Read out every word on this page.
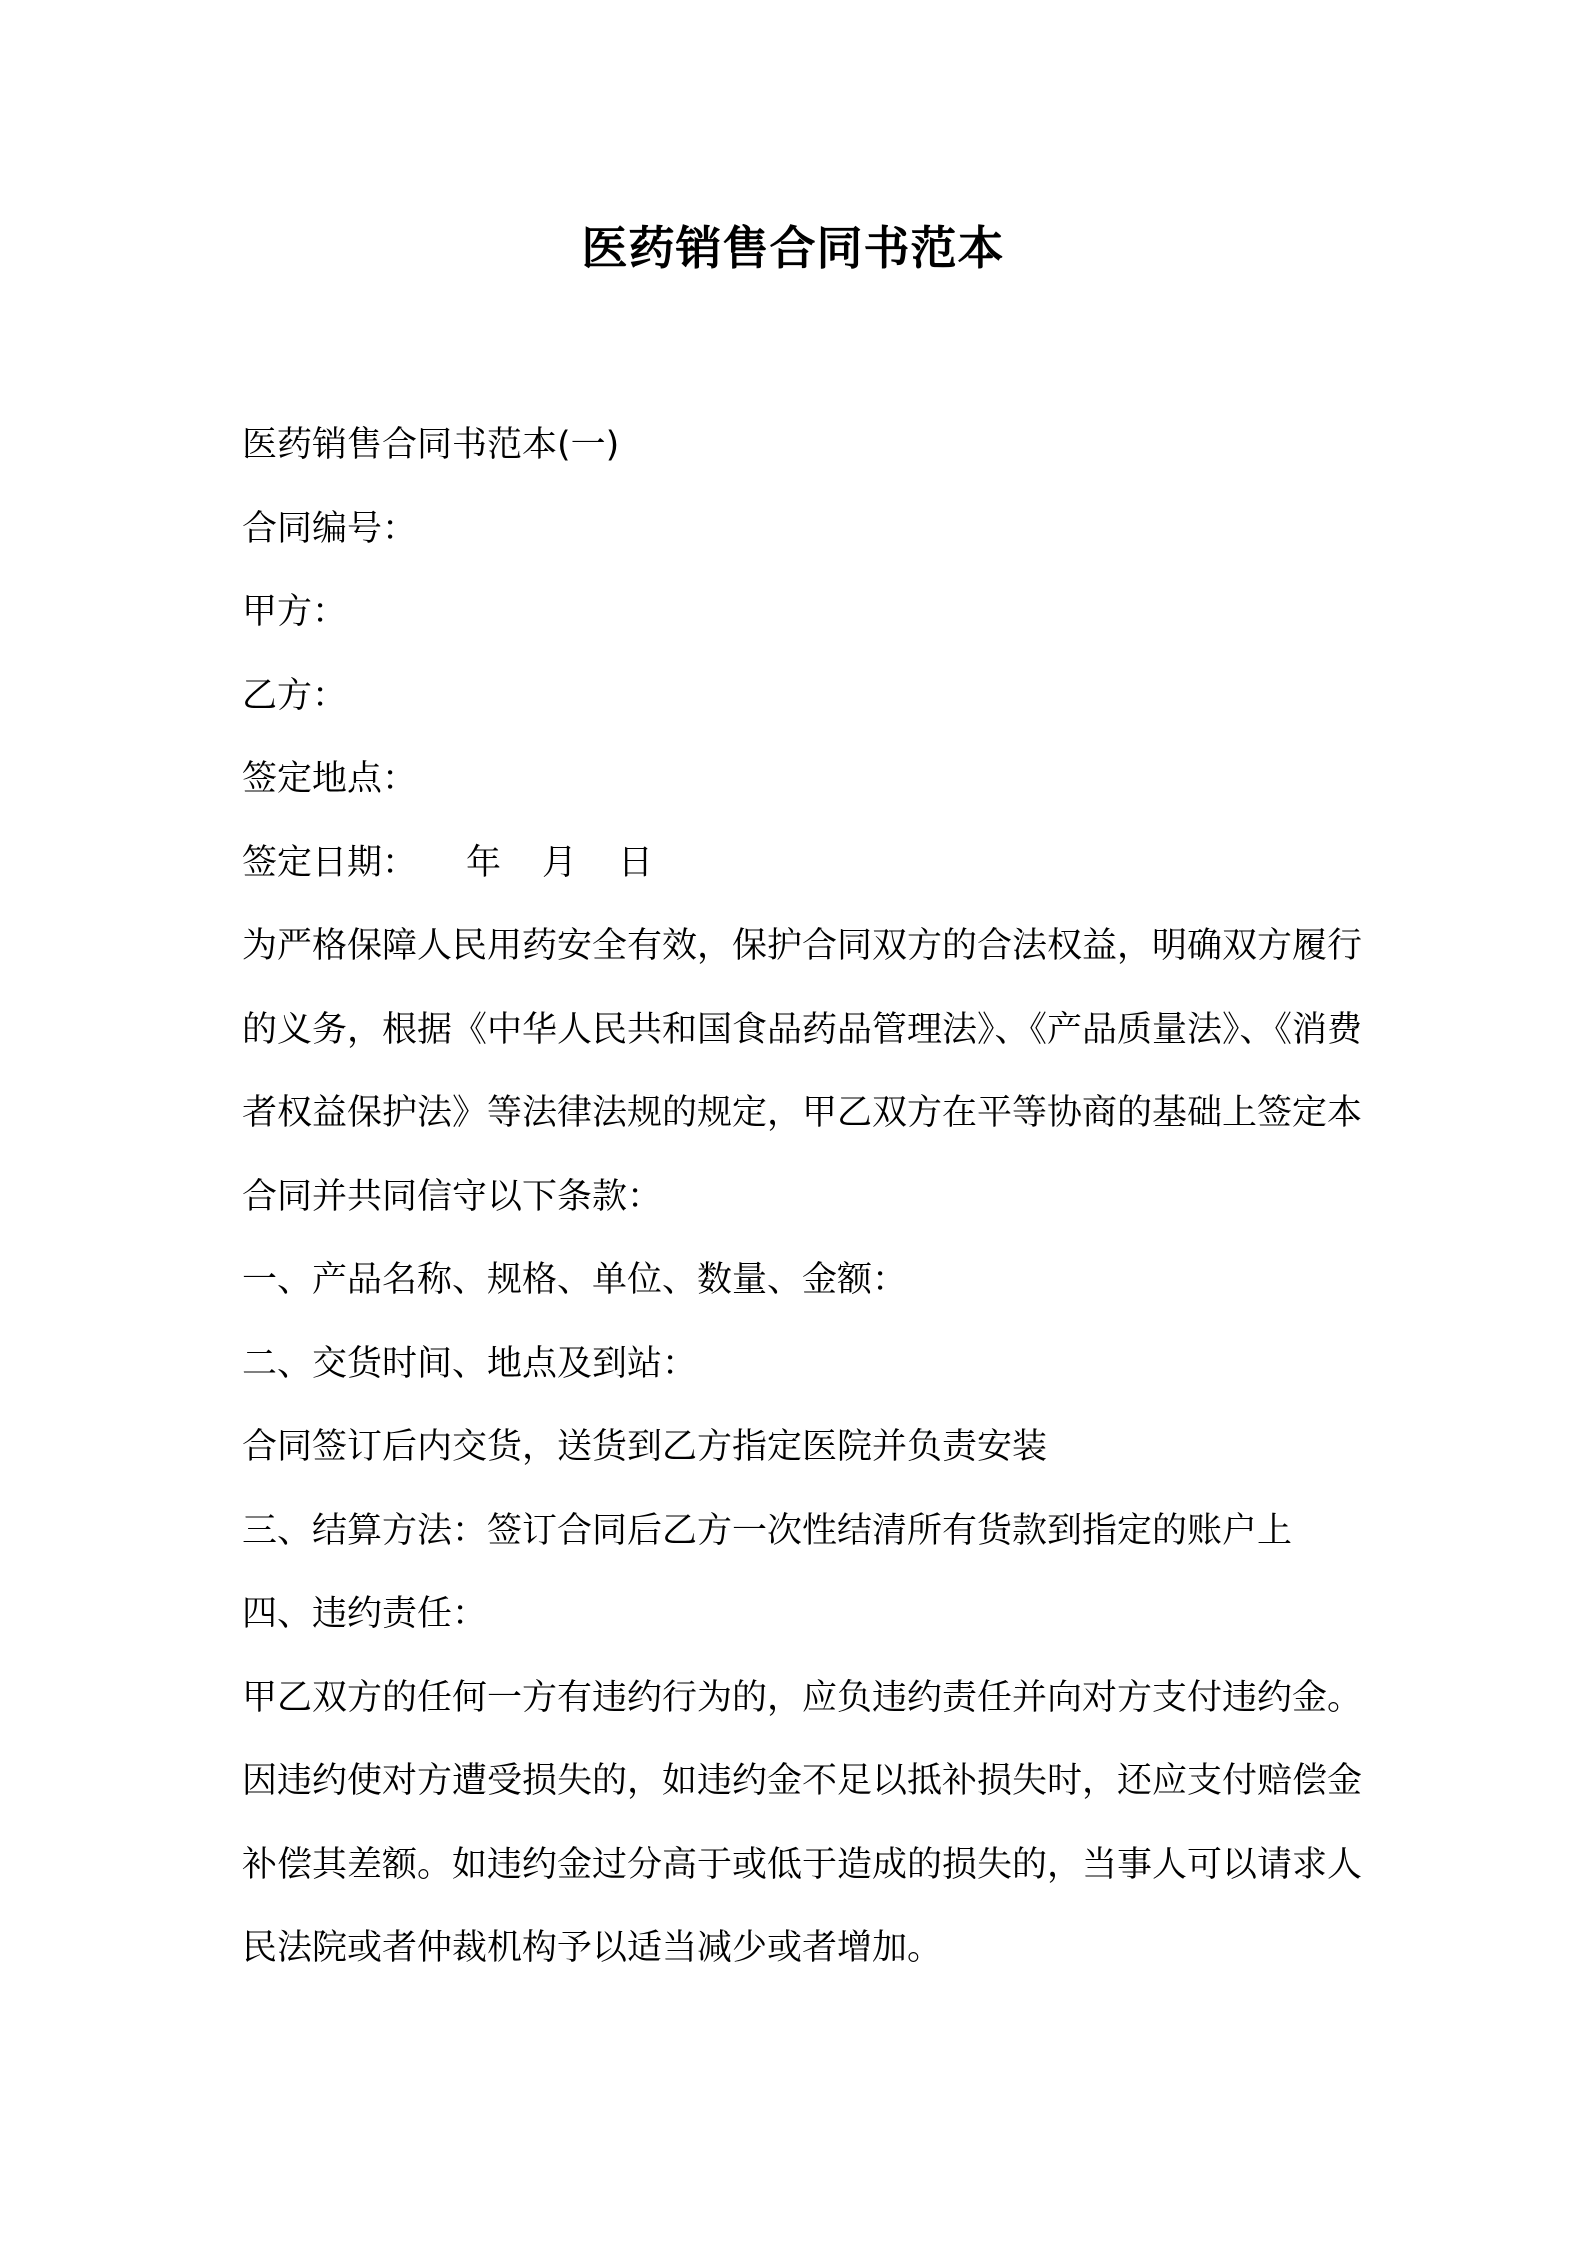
医药销售合同书范本
医药销售合同书范本(一)
合同编号：
甲方：
乙方：
签定地点：
签定日期： 年 月 日
为严格保障人民用药安全有效，保护合同双方的合法权益，明确双方履行的义务，根据《中华人民共和国食品药品管理法》、《产品质量法》、《消费者权益保护法》等法律法规的规定，甲乙双方在平等协商的基础上签定本合同并共同信守以下条款：
一、产品名称、规格、单位、数量、金额：
二、交货时间、地点及到站：
合同签订后内交货，送货到乙方指定医院并负责安装
三、结算方法：签订合同后乙方一次性结清所有货款到指定的账户上
四、违约责任：
甲乙双方的任何一方有违约行为的，应负违约责任并向对方支付违约金。因违约使对方遭受损失的，如违约金不足以抵补损失时，还应支付赔偿金补偿其差额。如违约金过分高于或低于造成的损失的，当事人可以请求人民法院或者仲裁机构予以适当减少或者增加。
